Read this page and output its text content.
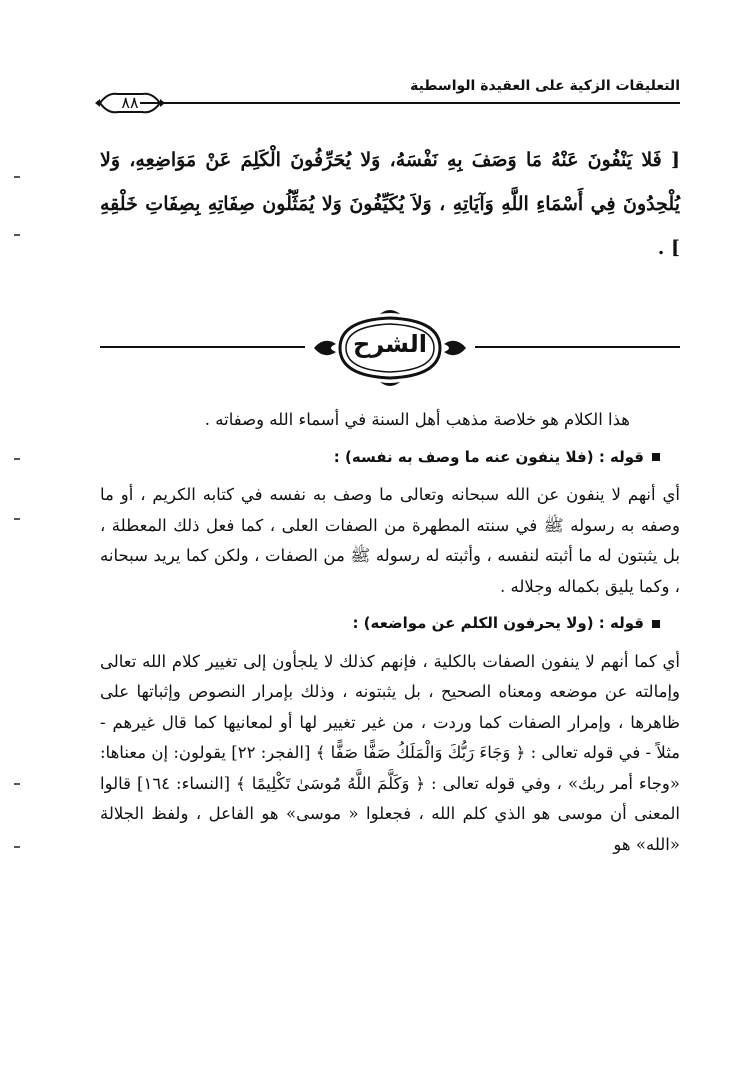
التعليقات الزكية على العقيدة الواسطية
٨٨
[ فَلا يَنْفُونَ عَنْهُ مَا وَصَفَ بِهِ نَفْسَهُ، وَلا يُحَرِّفُونَ الْكَلِمَ عَنْ مَوَاضِعِهِ، وَلا يُلْحِدُونَ فِي أَسْمَاءِ اللَّهِ وَآيَاتِهِ ، وَلاَ يُكَيِّفُونَ وَلا يُمَثِّلُون صِفَاتِهِ بِصِفَاتِ خَلْقِهِ ] .
الشرح

هذا الكلام هو خلاصة مذهب أهل السنة في أسماء الله وصفاته .

قوله : (فلا ينفون عنه ما وصف به نفسه) :

أي أنهم لا ينفون عن الله سبحانه وتعالى ما وصف به نفسه في كتابه الكريم ، أو ما وصفه به رسوله ﷺ في سنته المطهرة من الصفات العلى ، كما فعل ذلك المعطلة ، بل يثبتون له ما أثبته لنفسه ، وأثبته له رسوله ﷺ من الصفات ، ولكن كما يريد سبحانه ، وكما يليق بكماله وجلاله .

قوله : (ولا يحرفون الكلم عن مواضعه) :

أي كما أنهم لا ينفون الصفات بالكلية ، فإنهم كذلك لا يلجأون إلى تغيير كلام الله تعالى وإمالته عن موضعه ومعناه الصحيح ، بل يثبتونه ، وذلك بإمرار النصوص وإثباتها على ظاهرها ، وإمرار الصفات كما وردت ، من غير تغيير لها أو لمعانيها كما قال غيرهم - مثلاً - في قوله تعالى : ﴿ وَجَاءَ رَبُّكَ وَالْمَلَكُ صَفًّا صَفًّا ﴾ [الفجر: ٢٢] يقولون: إن معناها: «وجاء أمر ربك» ، وفي قوله تعالى : ﴿ وَكَلَّمَ اللَّهُ مُوسَىٰ تَكْلِيمًا ﴾ [النساء: ١٦٤] قالوا المعنى أن موسى هو الذي كلم الله ، فجعلوا « موسى» هو الفاعل ، ولفظ الجلالة «الله» هو
